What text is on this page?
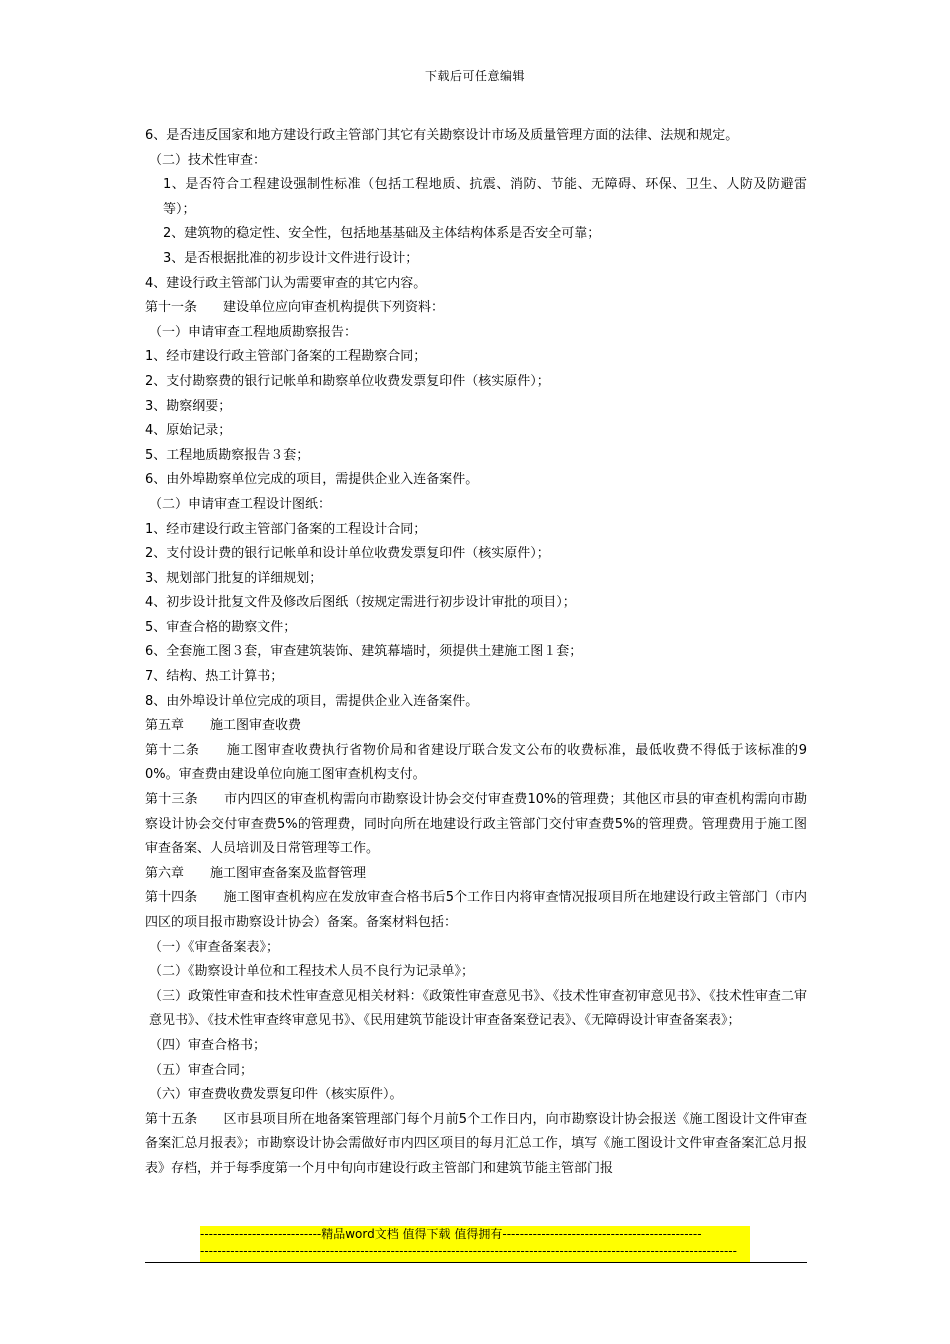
下载后可任意编辑

6、是否违反国家和地方建设行政主管部门其它有关勘察设计市场及质量管理方面的法律、法规和规定。

（二）技术性审查：

1、是否符合工程建设强制性标准（包括工程地质、抗震、消防、节能、无障碍、环保、卫生、人防及防避雷等）；

2、建筑物的稳定性、安全性，包括地基基础及主体结构体系是否安全可靠；

3、是否根据批准的初步设计文件进行设计；

4、建设行政主管部门认为需要审查的其它内容。

第十一条　　建设单位应向审查机构提供下列资料：

（一）申请审查工程地质勘察报告：

1、经市建设行政主管部门备案的工程勘察合同；

2、支付勘察费的银行记帐单和勘察单位收费发票复印件（核实原件）；

3、勘察纲要；

4、原始记录；

5、工程地质勘察报告３套；

6、由外埠勘察单位完成的项目，需提供企业入连备案件。

（二）申请审查工程设计图纸：

1、经市建设行政主管部门备案的工程设计合同；

2、支付设计费的银行记帐单和设计单位收费发票复印件（核实原件）；

3、规划部门批复的详细规划；

4、初步设计批复文件及修改后图纸（按规定需进行初步设计审批的项目）；

5、审查合格的勘察文件；

6、全套施工图３套，审查建筑装饰、建筑幕墙时，须提供土建施工图１套；

7、结构、热工计算书；

8、由外埠设计单位完成的项目，需提供企业入连备案件。

第五章　　施工图审查收费

第十二条　　施工图审查收费执行省物价局和省建设厅联合发文公布的收费标准，最低收费不得低于该标准的90%。审查费由建设单位向施工图审查机构支付。

第十三条　　市内四区的审查机构需向市勘察设计协会交付审查费10%的管理费；其他区市县的审查机构需向市勘察设计协会交付审查费5%的管理费，同时向所在地建设行政主管部门交付审查费5%的管理费。管理费用于施工图审查备案、人员培训及日常管理等工作。

第六章　　施工图审查备案及监督管理

第十四条　　施工图审查机构应在发放审查合格书后5个工作日内将审查情况报项目所在地建设行政主管部门（市内四区的项目报市勘察设计协会）备案。备案材料包括：

（一）《审查备案表》；

（二）《勘察设计单位和工程技术人员不良行为记录单》；

（三）政策性审查和技术性审查意见相关材料：《政策性审查意见书》、《技术性审查初审意见书》、《技术性审查二审意见书》、《技术性审查终审意见书》、《民用建筑节能设计审查备案登记表》、《无障碍设计审查备案表》；

（四）审查合格书；

（五）审查合同；

（六）审查费收费发票复印件（核实原件）。

第十五条　　区市县项目所在地备案管理部门每个月前5个工作日内，向市勘察设计协会报送《施工图设计文件审查备案汇总月报表》；市勘察设计协会需做好市内四区项目的每月汇总工作，填写《施工图设计文件审查备案汇总月报表》存档，并于每季度第一个月中旬向市建设行政主管部门和建筑节能主管部门报

----------------------------精品word文档 值得下载 值得拥有----------------------------------------------
----------------------------------------------------------------------------------------------------------------------------
